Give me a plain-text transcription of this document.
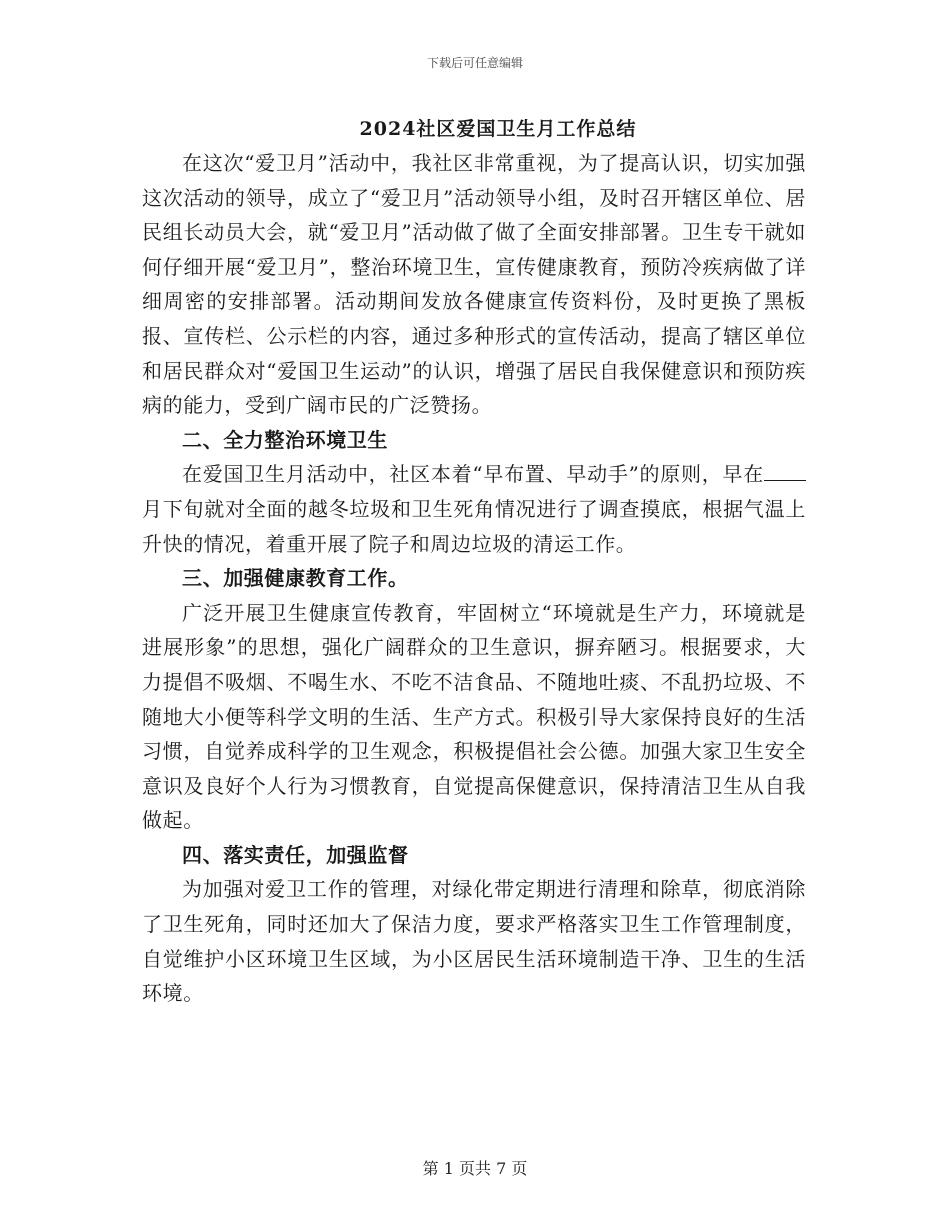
下载后可任意编辑
2024社区爱国卫生月工作总结

在这次“爱卫月”活动中，我社区非常重视，为了提高认识，切实加强这次活动的领导，成立了“爱卫月”活动领导小组，及时召开辖区单位、居民组长动员大会，就“爱卫月”活动做了做了全面安排部署。卫生专干就如何仔细开展“爱卫月”，整治环境卫生，宣传健康教育，预防冷疾病做了详细周密的安排部署。活动期间发放各健康宣传资料份，及时更换了黑板报、宣传栏、公示栏的内容，通过多种形式的宣传活动，提高了辖区单位和居民群众对“爱国卫生运动”的认识，增强了居民自我保健意识和预防疾病的能力，受到广阔市民的广泛赞扬。

二、全力整治环境卫生

在爱国卫生月活动中，社区本着“早布置、早动手”的原则，早在月下旬就对全面的越冬垃圾和卫生死角情况进行了调查摸底，根据气温上升快的情况，着重开展了院子和周边垃圾的清运工作。

三、加强健康教育工作。

广泛开展卫生健康宣传教育，牢固树立“环境就是生产力，环境就是进展形象”的思想，强化广阔群众的卫生意识，摒弃陋习。根据要求，大力提倡不吸烟、不喝生水、不吃不洁食品、不随地吐痰、不乱扔垃圾、不随地大小便等科学文明的生活、生产方式。积极引导大家保持良好的生活习惯，自觉养成科学的卫生观念，积极提倡社会公德。加强大家卫生安全意识及良好个人行为习惯教育，自觉提高保健意识，保持清洁卫生从自我做起。

四、落实责任，加强监督

为加强对爱卫工作的管理，对绿化带定期进行清理和除草，彻底消除了卫生死角，同时还加大了保洁力度，要求严格落实卫生工作管理制度，自觉维护小区环境卫生区域，为小区居民生活环境制造干净、卫生的生活环境。

第 1 页共 7 页
